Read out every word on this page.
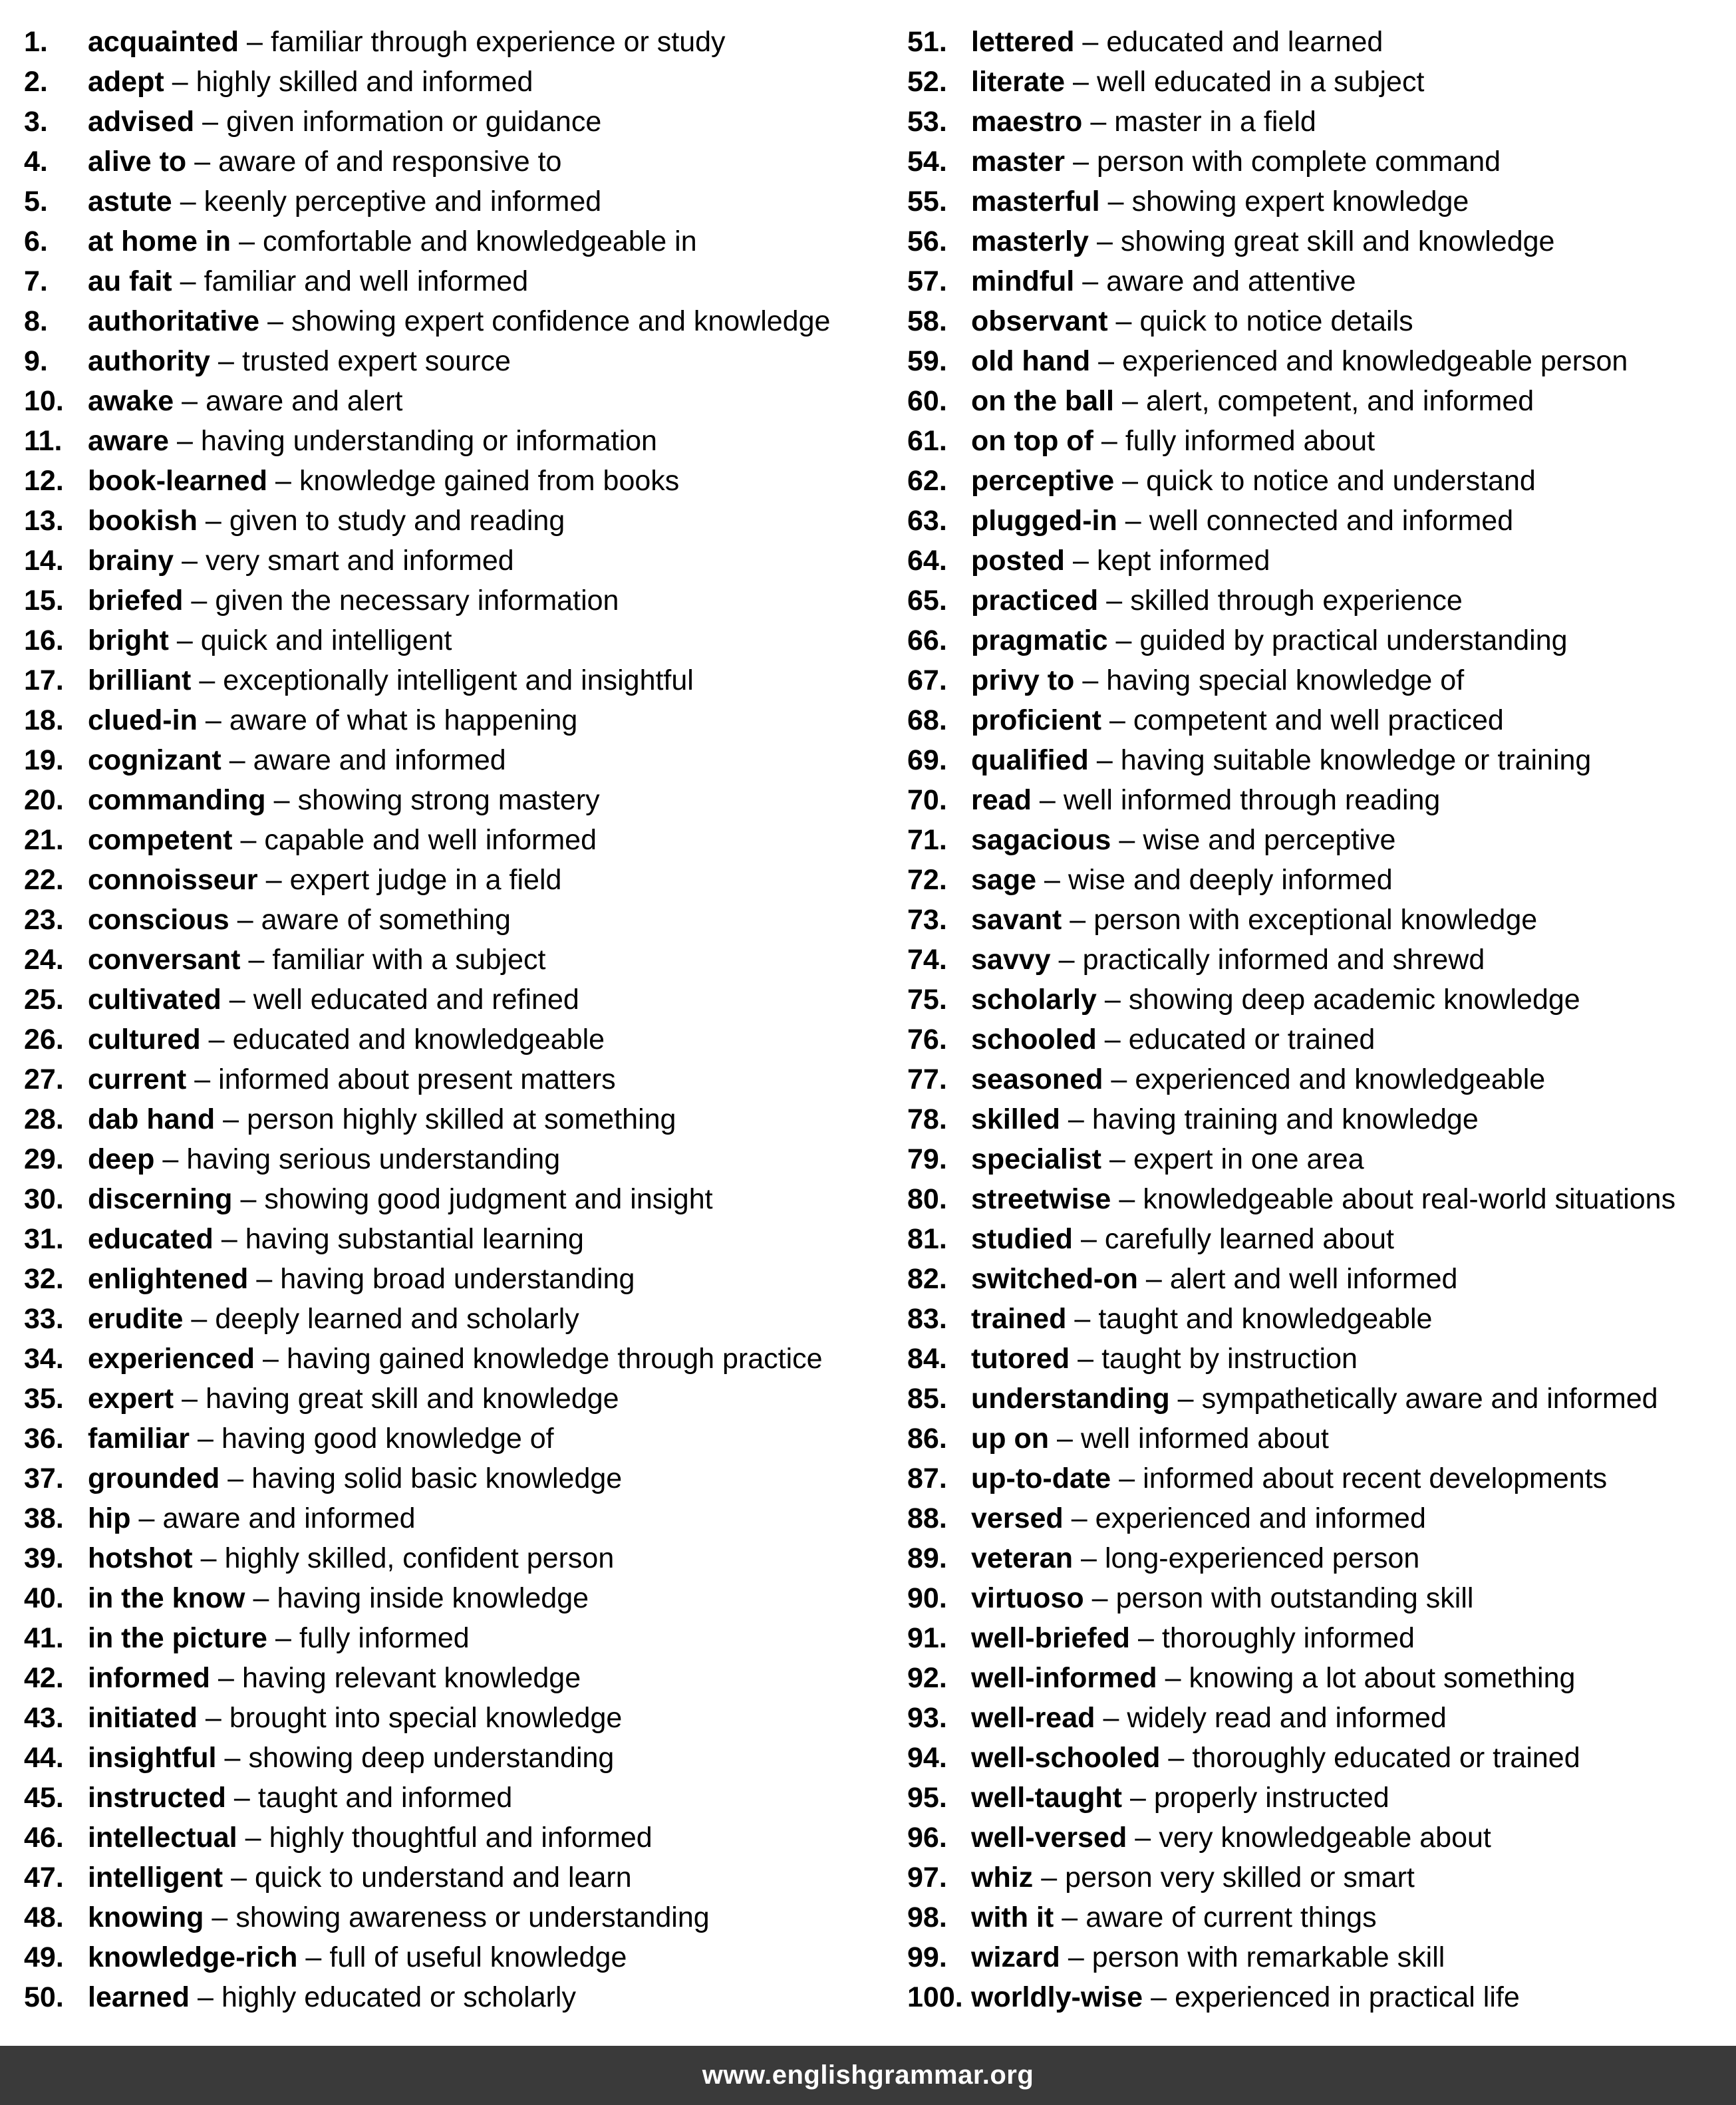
1.	acquainted – familiar through experience or study
2.	adept – highly skilled and informed
3.	advised – given information or guidance
4.	alive to – aware of and responsive to
5.	astute – keenly perceptive and informed
6.	at home in – comfortable and knowledgeable in
7.	au fait – familiar and well informed
8.	authoritative – showing expert confidence and knowledge
9.	authority – trusted expert source
10. awake – aware and alert
11. aware – having understanding or information
12. book-learned – knowledge gained from books
13. bookish – given to study and reading
14. brainy – very smart and informed
15. briefed – given the necessary information
16. bright – quick and intelligent
17. brilliant – exceptionally intelligent and insightful
18. clued-in – aware of what is happening
19. cognizant – aware and informed
20. commanding – showing strong mastery
21. competent – capable and well informed
22. connoisseur – expert judge in a field
23. conscious – aware of something
24. conversant – familiar with a subject
25. cultivated – well educated and refined
26. cultured – educated and knowledgeable
27. current – informed about present matters
28. dab hand – person highly skilled at something
29. deep – having serious understanding
30. discerning – showing good judgment and insight
31. educated – having substantial learning
32. enlightened – having broad understanding
33. erudite – deeply learned and scholarly
34. experienced – having gained knowledge through practice
35. expert – having great skill and knowledge
36. familiar – having good knowledge of
37. grounded – having solid basic knowledge
38. hip – aware and informed
39. hotshot – highly skilled, confident person
40. in the know – having inside knowledge
41. in the picture – fully informed
42. informed – having relevant knowledge
43. initiated – brought into special knowledge
44. insightful – showing deep understanding
45. instructed – taught and informed
46. intellectual – highly thoughtful and informed
47. intelligent – quick to understand and learn
48. knowing – showing awareness or understanding
49. knowledge-rich – full of useful knowledge
50. learned – highly educated or scholarly
51. lettered – educated and learned
52. literate – well educated in a subject
53. maestro – master in a field
54. master – person with complete command
55. masterful – showing expert knowledge
56. masterly – showing great skill and knowledge
57. mindful – aware and attentive
58. observant – quick to notice details
59. old hand – experienced and knowledgeable person
60. on the ball – alert, competent, and informed
61. on top of – fully informed about
62. perceptive – quick to notice and understand
63. plugged-in – well connected and informed
64. posted – kept informed
65. practiced – skilled through experience
66. pragmatic – guided by practical understanding
67. privy to – having special knowledge of
68. proficient – competent and well practiced
69. qualified – having suitable knowledge or training
70. read – well informed through reading
71. sagacious – wise and perceptive
72. sage – wise and deeply informed
73. savant – person with exceptional knowledge
74. savvy – practically informed and shrewd
75. scholarly – showing deep academic knowledge
76. schooled – educated or trained
77. seasoned – experienced and knowledgeable
78. skilled – having training and knowledge
79. specialist – expert in one area
80. streetwise – knowledgeable about real-world situations
81. studied – carefully learned about
82. switched-on – alert and well informed
83. trained – taught and knowledgeable
84. tutored – taught by instruction
85. understanding – sympathetically aware and informed
86. up on – well informed about
87. up-to-date – informed about recent developments
88. versed – experienced and informed
89. veteran – long-experienced person
90. virtuoso – person with outstanding skill
91. well-briefed – thoroughly informed
92. well-informed – knowing a lot about something
93. well-read – widely read and informed
94. well-schooled – thoroughly educated or trained
95. well-taught – properly instructed
96. well-versed – very knowledgeable about
97. whiz – person very skilled or smart
98. with it – aware of current things
99. wizard – person with remarkable skill
100. worldly-wise – experienced in practical life
www.englishgrammar.org
